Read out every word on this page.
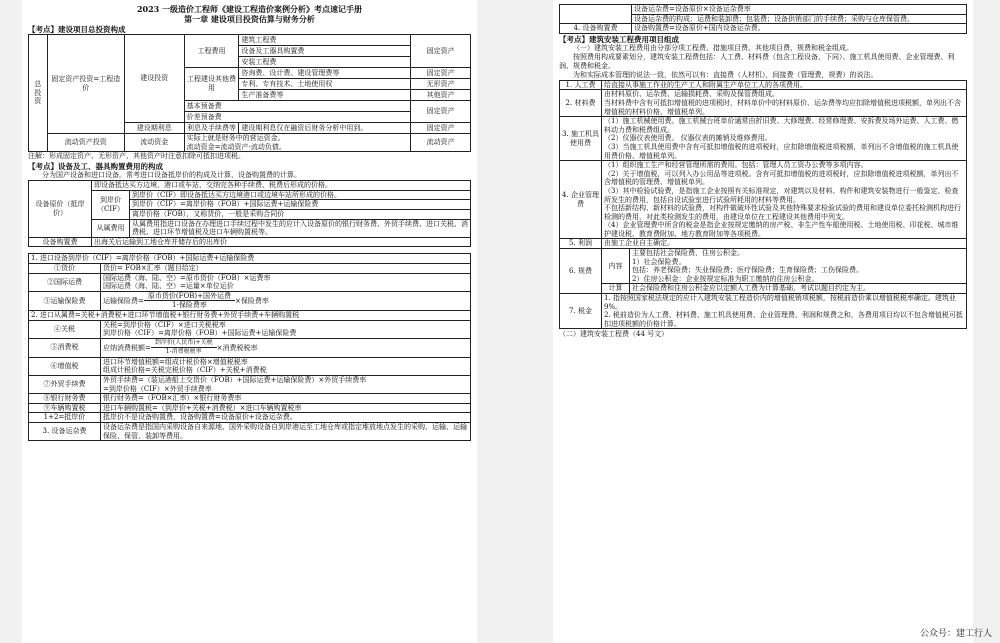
2023 一级造价工程师《建设工程造价案例分析》考点速记手册
第一章 建设项目投资估算与财务分析
【考点】建设项目总投资构成
总投资	固定资产投资=工程造价	建设投资	工程费用	建筑工程费	固定资产
				设备及工器具购置费	
				安装工程费	
			工程建设其他费用	咨询费、设计费、建设管理费等	固定资产
				专利、专有技术、土地使用权	无形资产
				生产准备费等	其他资产
			基本预备费		固定资产
			价差预备费		
		建设期利息	利息及手续费等	建设期利息仅在融资后财务分析中用到。	固定资产

	流动资产投资	流动资金	实际上就是财务中的营运资金。
流动资金=流动资产-流动负债。		流动资产

注解：形成固定资产、无形资产、其他资产时注意扣除可抵扣进项税。

【考点】设备及工、器具购置费用的构成

分为国产设备和进口设备。常考进口设备抵岸价的构成及计算，设备购置费的计算。

设备原价（抵岸价）	即设备抵达买方边境、港口或车站，交纳完各种手续费、税费后形成的价格。	
	到岸价（CIF）	到岸价（CIF）即设备抵达买方边境港口或边境车站所形成的价格。
		到岸价（CIF）=离岸价格（FOB）+国际运费+运输保险费
		离岸价格（FOB），又称货价，一般是采购合同价
	从属费用	从属费用指进口设备在办理进口手续过程中发生的应计入设备原价的银行财务费、外贸手续费、进口关税、消费税、进口环节增值税及进口车辆购置税等。
设备购置费	出海关后运输到工地仓库并储存后的出库价	
1. 进口设备到岸价（CIF）=离岸价格（FOB）+国际运费+运输保险费	
①货价	货价= FOB×汇率（题目给定）
②国际运费	国际运费（海、陆、空）=原币货价（FOB）×运费率
国际运费（海、陆、空）=运量×单位运价
③运输保险费	运输保险费= $\frac{\text{原币货价(FOB)+国外运费}}{\text{1-保险费率}}$ ×保险费率
2. 进口从属费=关税+消费税+进口环节增值税+银行财务费+外贸手续费+车辆购置税	
④关税	关税=到岸价格（CIF）×进口关税税率
到岸价格（CIF）=离岸价格（FOB）+国际运费+运输保险费
⑤消费税	应纳消费税额= $\frac{\text{到岸价(人民币)+关税}}{\text{1-消费税税率}}$ ×消费税税率
⑥增值税	进口环节增值税额=组成计税价格×增值税税率
组成计税价格=关税完税价格（CIF）+关税+消费税
⑦外贸手续费	外贸手续费=（装运港船上交货价（FOB）+国际运费+运输保险费）×外贸手续费率
=到岸价格（CIF）×外贸手续费率
⑧银行财务费	银行财务费=（FOB×汇率）×银行财务费率
⑨车辆购置税	进口车辆购置税=（到岸价+关税+消费税）×进口车辆购置税率
1+2=抵岸价	抵岸价不是设备购置费，设备购置费=设备原价+设备运杂费。
3. 设备运杂费	设备运杂费是指国内采购设备自来源地、国外采购设备自到岸港运至工地仓库或指定堆放地点发生的采购、运输、运输保险、保管、装卸等费用。
	设备运杂费=设备原价×设备运杂费率
	设备运杂费的构成：运费和装卸费；包装费；设备供销部门的手续费；采购与仓库保管费。
4. 设备购置费	设备购置费=设备原价+国内设备运杂费。
【考点】建筑安装工程费用项目组成

（一）建筑安装工程费用由分部分项工程费、措施项目费、其他项目费、规费和税金组成。

按照费用构成要素划分，建筑安装工程费包括：人工费、材料费（包含工程设备，下同）、施工机具使用费、企业管理费、利润、规费和税金。

为和实际成本管理的说法一致，依然可以有：直接费（人材机），间接费（管理费，规费）的说法。

1. 人工费	给直接从事施工作业的生产工人和附属生产单位工人的各项费用。	
2. 材料费	由材料原价、运杂费、运输损耗费、采购及保管费组成。
当材料费中含有可抵扣增值税的进项税时，材料单价中的材料原价、运杂费等均应扣除增值税进项税额，单列出不含增值税的材料价格、增值税单列。	
3. 施工机具使用费	（1）施工机械使用费。施工机械台班单价通常由折旧费、大修理费、经常修理费、安拆费及场外运费、人工费、燃料动力费和税费组成。
（2）仪器仪表使用费。 仪器仪表的摊销及维修费用。
（3）当施工机具使用费中含有可抵扣增值税的进项税时，应扣除增值税进项税额，单列出不含增值税的施工机具使用费价格、增值税单列。	
4. 企业管理费	（1）组织施工生产和经营管理所需的费用。包括：管理人员工资办公费等多项内容。
（2）关于增值税，可以列入办公用品等进项税。含有可抵扣增值税的进项税时，应扣除增值税进项税额，单列出不含增值税的管理费、增值税单列。
（3）其中检验试验费，是指施工企业按照有关标准规定，对建筑以及材料、构件和建筑安装物进行一般鉴定、检查所发生的费用，包括自设试验室进行试验所耗用的材料等费用。
不包括新结构、新材料的试验费，对构件做破坏性试验及其他特殊要求检验试验的费用和建设单位委托检测机构进行检测的费用，对此类检测发生的费用，由建设单位在工程建设其他费用中列支。
（4）企业管理费中所含的税金是指企业按规定缴纳的房产税、非生产性车船使用税、土地使用税、印花税、城市维护建设税、教育费附加、地方教育附加等各项税费。	
5. 利润	由施工企业自主确定。	
6. 规费	内容	主要包括社会保险费、住房公积金。
1）社会保险费。
包括：养老保险费；失业保险费；医疗保险费；生育保险费；工伤保险费。
2）住房公积金：企业按规定标准为职工缴纳的住房公积金。
	计算	社会保险费和住房公积金应以定额人工费为计算基础，考试以题目约定为主。
7. 税金	1. 指按照国家税法规定的应计入建筑安装工程造价内的增值税销项税额，按税前造价乘以增值税税率确定。建筑业 9%。
2. 税前造价为人工费、材料费、施工机具使用费、企业管理费、利润和规费之和，各费用项目均以不包含增值税可抵扣进项税额的价格计算。	

（二）建筑安装工程费（44 号文）

公众号：建工行人
